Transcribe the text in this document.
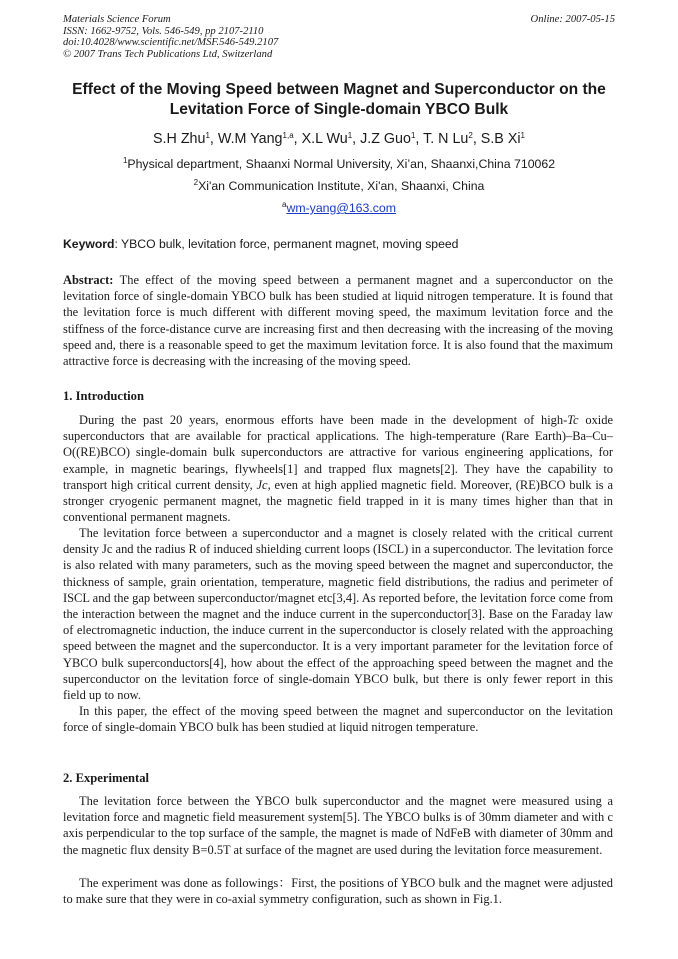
Materials Science Forum
ISSN: 1662-9752, Vols. 546-549, pp 2107-2110
doi:10.4028/www.scientific.net/MSF.546-549.2107
© 2007 Trans Tech Publications Ltd, Switzerland
Online: 2007-05-15
Effect of the Moving Speed between Magnet and Superconductor on the
Levitation Force of Single-domain YBCO Bulk
S.H Zhu$^1$, W.M Yang$^{1,a}$, X.L Wu$^1$, J.Z Guo$^1$, T. N Lu$^2$, S.B Xi$^1$
$^1$Physical department, Shaanxi Normal University, Xi’an, Shaanxi,China 710062
$^2$Xi'an Communication Institute, Xi'an, Shaanxi, China
$^a$wm-yang@163.com
Keyword: YBCO bulk, levitation force, permanent magnet, moving speed

Abstract: The effect of the moving speed between a permanent magnet and a superconductor on the levitation force of single-domain YBCO bulk has been studied at liquid nitrogen temperature. It is found that the levitation force is much different with different moving speed, the maximum levitation force and the stiffness of the force-distance curve are increasing first and then decreasing with the increasing of the moving speed and, there is a reasonable speed to get the maximum levitation force. It is also found that the maximum attractive force is decreasing with the increasing of the moving speed.

1. Introduction

During the past 20 years, enormous efforts have been made in the development of high-Tc oxide superconductors that are available for practical applications. The high-temperature (Rare Earth)–Ba–Cu–O((RE)BCO) single-domain bulk superconductors are attractive for various engineering applications, for example, in magnetic bearings, flywheels[1] and trapped flux magnets[2]. They have the capability to transport high critical current density, Jc, even at high applied magnetic field. Moreover, (RE)BCO bulk is a stronger cryogenic permanent magnet, the magnetic field trapped in it is many times higher than that in conventional permanent magnets.

The levitation force between a superconductor and a magnet is closely related with the critical current density Jc and the radius R of induced shielding current loops (ISCL) in a superconductor. The levitation force is also related with many parameters, such as the moving speed between the magnet and superconductor, the thickness of sample, grain orientation, temperature, magnetic field distributions, the radius and perimeter of ISCL and the gap between superconductor/magnet etc[3,4]. As reported before, the levitation force come from the interaction between the magnet and the induce current in the superconductor[3]. Base on the Faraday law of electromagnetic induction, the induce current in the superconductor is closely related with the approaching speed between the magnet and the superconductor. It is a very important parameter for the levitation force of YBCO bulk superconductors[4], how about the effect of the approaching speed between the magnet and the superconductor on the levitation force of single-domain YBCO bulk, but there is only fewer report in this field up to now.

In this paper, the effect of the moving speed between the magnet and superconductor on the levitation force of single-domain YBCO bulk has been studied at liquid nitrogen temperature.

2. Experimental

The levitation force between the YBCO bulk superconductor and the magnet were measured using a levitation force and magnetic field measurement system[5]. The YBCO bulks is of 30mm diameter and with c axis perpendicular to the top surface of the sample, the magnet is made of NdFeB with diameter of 30mm and the magnetic flux density B=0.5T at surface of the magnet are used during the levitation force measurement.

The experiment was done as followings：First, the positions of YBCO bulk and the magnet were adjusted to make sure that they were in co-axial symmetry configuration, such as shown in Fig.1.
